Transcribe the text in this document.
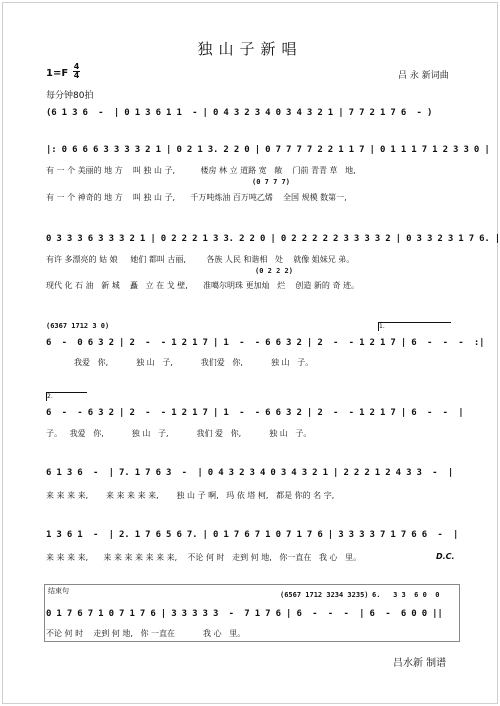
独山子新唱
1=F
4
4
每分钟80拍
吕 永 新词曲
(6 1 3 6  -  | 0 1 3 6 1 1  - | 0 4 3 2 3 4 0 3 4 3 2 1 | 7 7 2 1 7 6  - )
|: 0 6 6 6 3 3 3 3 2 1 | 0 2 1 3. 2 2 0 | 0 7 7 7 7 2 2 1 1 7 | 0 1 1 1 7 1 2 3 3 0 |
有 一 个 美丽的 地 方    叫 独 山 子,          楼房 林 立 道路 宽   敞    门前 青青 草   地,
(0 7 7 7)
有 一 个 神奇的 地 方    叫 独 山 子,      千万吨炼油 百万吨乙烯    全国 规模 数第一,
0 3 3 3 6 3 3 3 2 1 | 0 2 2 2 1 3 3. 2 2 0 | 0 2 2 2 2 2 3 3 3 3 2 | 0 3 3 2 3 1 7 6. |
有许 多漂亮的 姑 娘     她们 都叫 古丽,        各族 人民 和谐相   处    就像 姐妹兄 弟。
(0 2 2 2)
现代 化 石 油   新 城    矗   立 在 戈 壁,      准噶尔明珠 更加灿   烂    创造 新的 奇 迹。
(6367 1712 3 0)	1.
6  -  0 6 3 2 | 2  -  - 1 2 1 7 | 1  -  - 6 6 3 2 | 2  -  - 1 2 1 7 | 6  -  -  -  :|
我爱   你,           独 山   子,           我们爱   你,           独 山   子。
2.
6  -  - 6 3 2 | 2  -  - 1 2 1 7 | 1  -  - 6 6 3 2 | 2  -  - 1 2 1 7 | 6  -  -  |
子。   我爱   你,           独 山   子,           我们 爱   你,           独 山   子。
6 1 3 6  -  | 7. 1 7 6 3  -  | 0 4 3 2 3 4 0 3 4 3 2 1 | 2 2 2 1 2 4 3 3  -  |
来 来 来 来,       来 来 来 来 来,       独 山 子 啊,   玛 依 塔 柯,   都是 你的 名 字,
1 3 6 1  -  | 2. 1 7 6 5 6 7. | 0 1 7 6 7 1 0 7 1 7 6 | 3 3 3 3 7 1 7 6 6  -  |
来 来 来 来,      来 来 来 来 来 来 来,    不论 何 时   走到 何 地,   你一直在   我 心   里。	D.C.
结束句	(6567 1712 3234 3235) 6.   3 3  6 0  0
0 1 7 6 7 1 0 7 1 7 6 | 3 3 3 3 3  -  7 1 7 6 | 6  -  -  -  | 6  -  6 0 0 ||
不论 何 时    走到 何 地,   你 一直在           我 心   里。
吕水新 制谱
